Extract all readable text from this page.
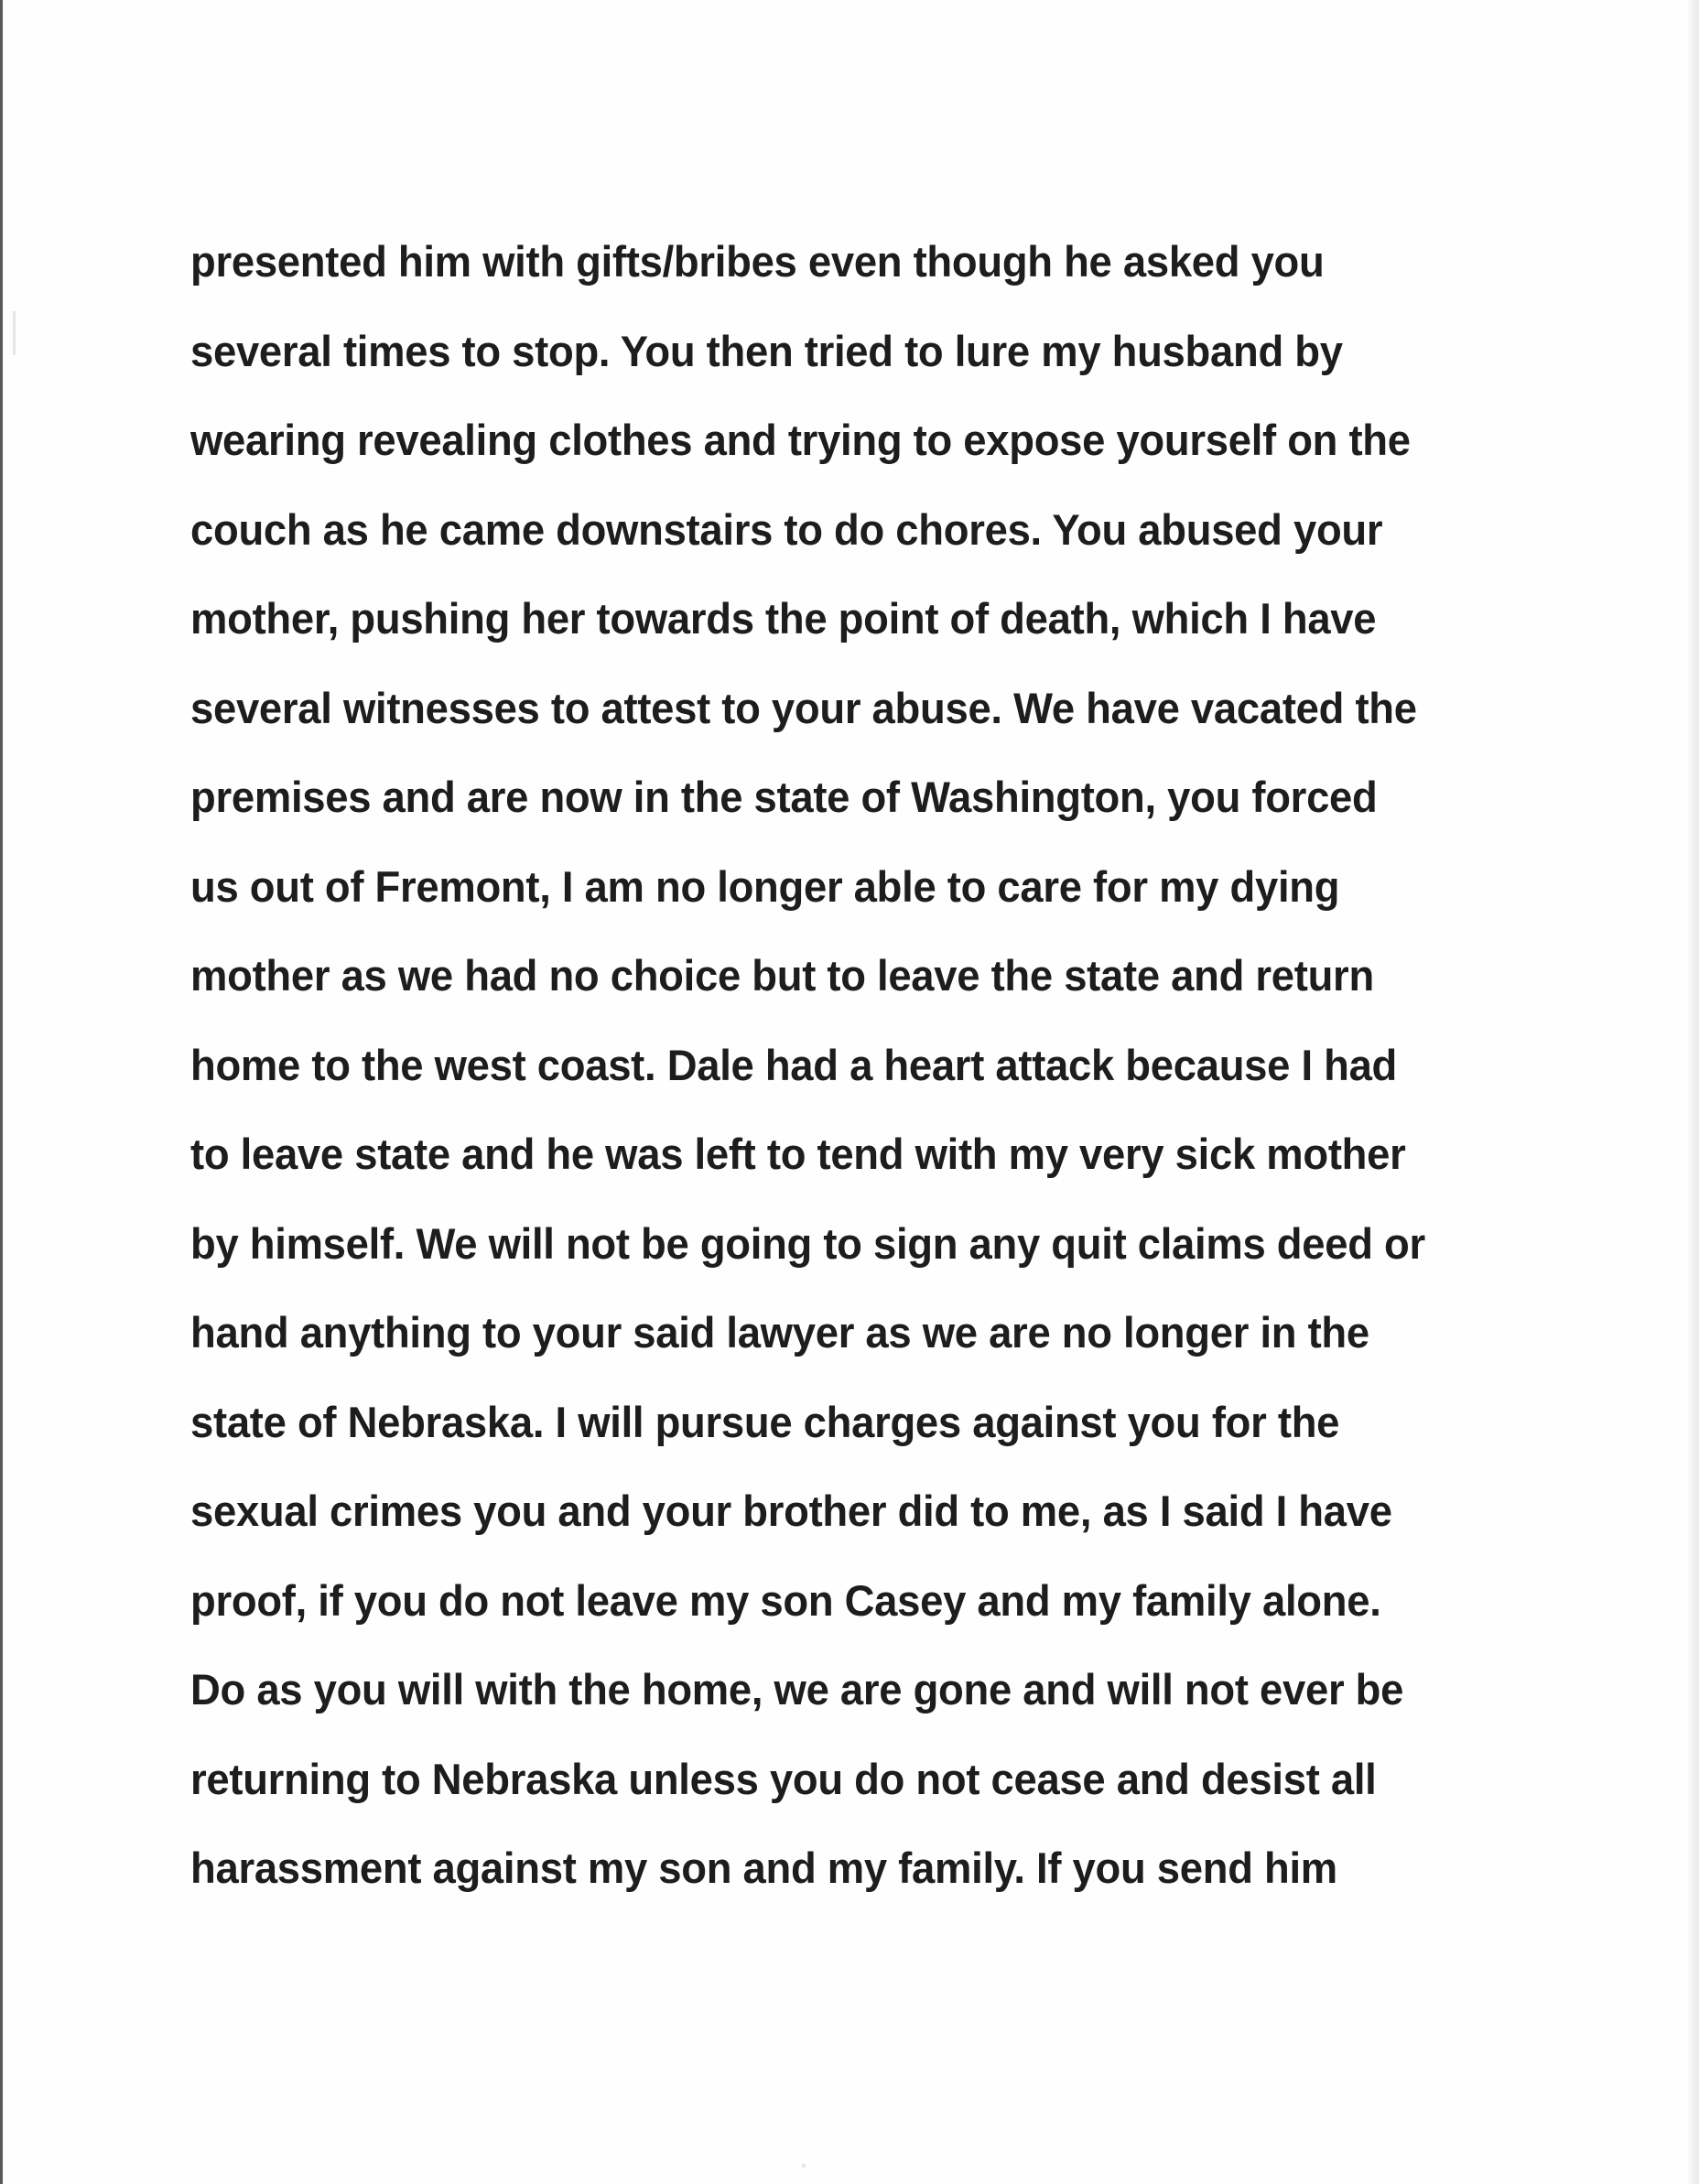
presented him with gifts/bribes even though he asked you
several times to stop. You then tried to lure my husband by
wearing revealing clothes and trying to expose yourself on the
couch as he came downstairs to do chores. You abused your
mother, pushing her towards the point of death, which I have
several witnesses to attest to your abuse. We have vacated the
premises and are now in the state of Washington, you forced
us out of Fremont, I am no longer able to care for my dying
mother as we had no choice but to leave the state and return
home to the west coast. Dale had a heart attack because I had
to leave state and he was left to tend with my very sick mother
by himself. We will not be going to sign any quit claims deed or
hand anything to your said lawyer as we are no longer in the
state of Nebraska. I will pursue charges against you for the
sexual crimes you and your brother did to me, as I said I have
proof, if you do not leave my son Casey and my family alone.
Do as you will with the home, we are gone and will not ever be
returning to Nebraska unless you do not cease and desist all
harassment against my son and my family. If you send him
